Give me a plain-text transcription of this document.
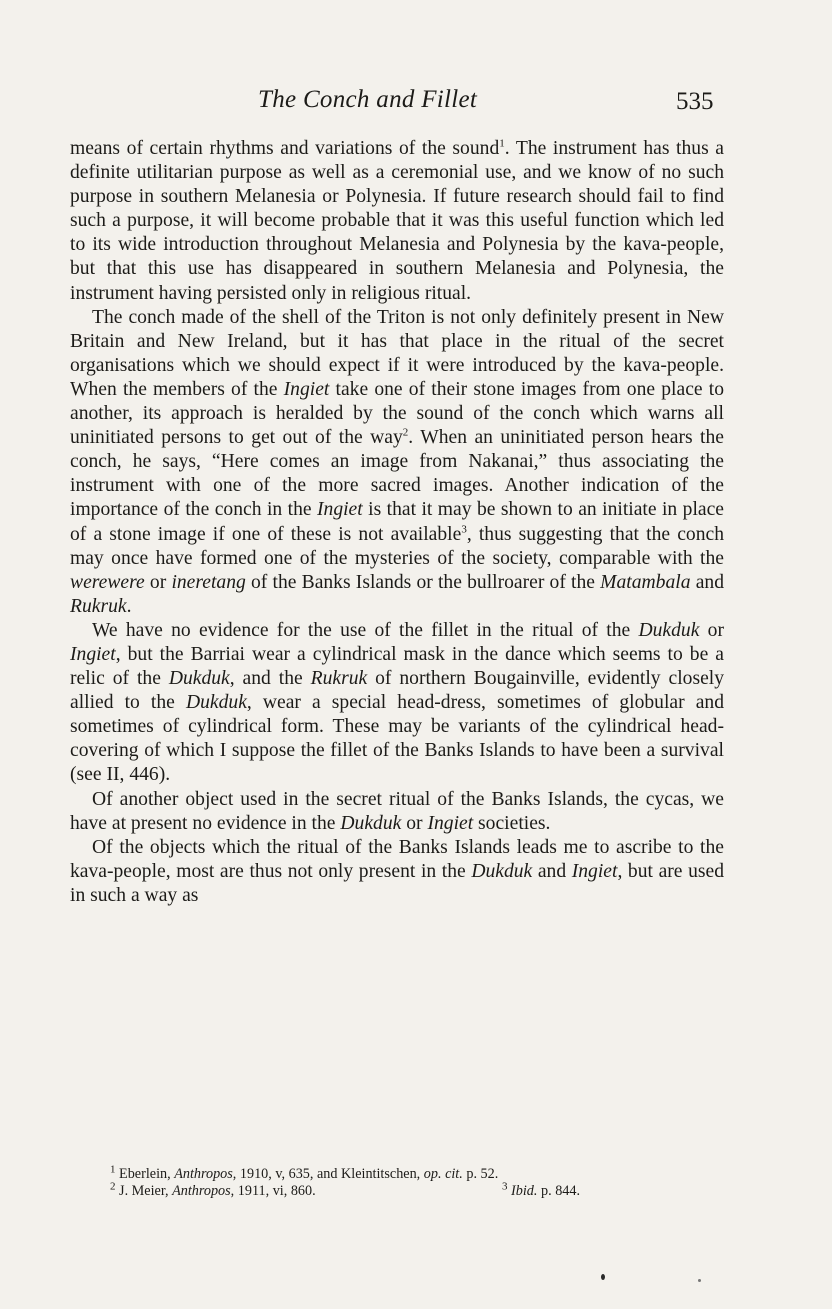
The Conch and Fillet	535

means of certain rhythms and variations of the sound$^1$. The instrument has thus a definite utilitarian purpose as well as a ceremonial use, and we know of no such purpose in southern Melanesia or Polynesia. If future research should fail to find such a purpose, it will become probable that it was this useful function which led to its wide introduction throughout Melanesia and Polynesia by the kava-people, but that this use has disappeared in southern Melanesia and Polynesia, the instrument having persisted only in religious ritual.

The conch made of the shell of the Triton is not only definitely present in New Britain and New Ireland, but it has that place in the ritual of the secret organisations which we should expect if it were introduced by the kava-people. When the members of the Ingiet take one of their stone images from one place to another, its approach is heralded by the sound of the conch which warns all uninitiated persons to get out of the way$^2$. When an uninitiated person hears the conch, he says, “Here comes an image from Nakanai,” thus associating the instrument with one of the more sacred images. Another indication of the importance of the conch in the Ingiet is that it may be shown to an initiate in place of a stone image if one of these is not available$^3$, thus suggesting that the conch may once have formed one of the mysteries of the society, comparable with the werewere or ineretang of the Banks Islands or the bullroarer of the Matambala and Rukruk.

We have no evidence for the use of the fillet in the ritual of the Dukduk or Ingiet, but the Barriai wear a cylindrical mask in the dance which seems to be a relic of the Dukduk, and the Rukruk of northern Bougainville, evidently closely allied to the Dukduk, wear a special head-dress, sometimes of globular and sometimes of cylindrical form. These may be variants of the cylindrical head-covering of which I suppose the fillet of the Banks Islands to have been a survival (see II, 446).

Of another object used in the secret ritual of the Banks Islands, the cycas, we have at present no evidence in the Dukduk or Ingiet societies.

Of the objects which the ritual of the Banks Islands leads me to ascribe to the kava-people, most are thus not only present in the Dukduk and Ingiet, but are used in such a way as

$^1$ Eberlein, Anthropos, 1910, v, 635, and Kleintitschen, op. cit. p. 52.
$^2$ J. Meier, Anthropos, 1911, vi, 860.	$^3$ Ibid. p. 844.
